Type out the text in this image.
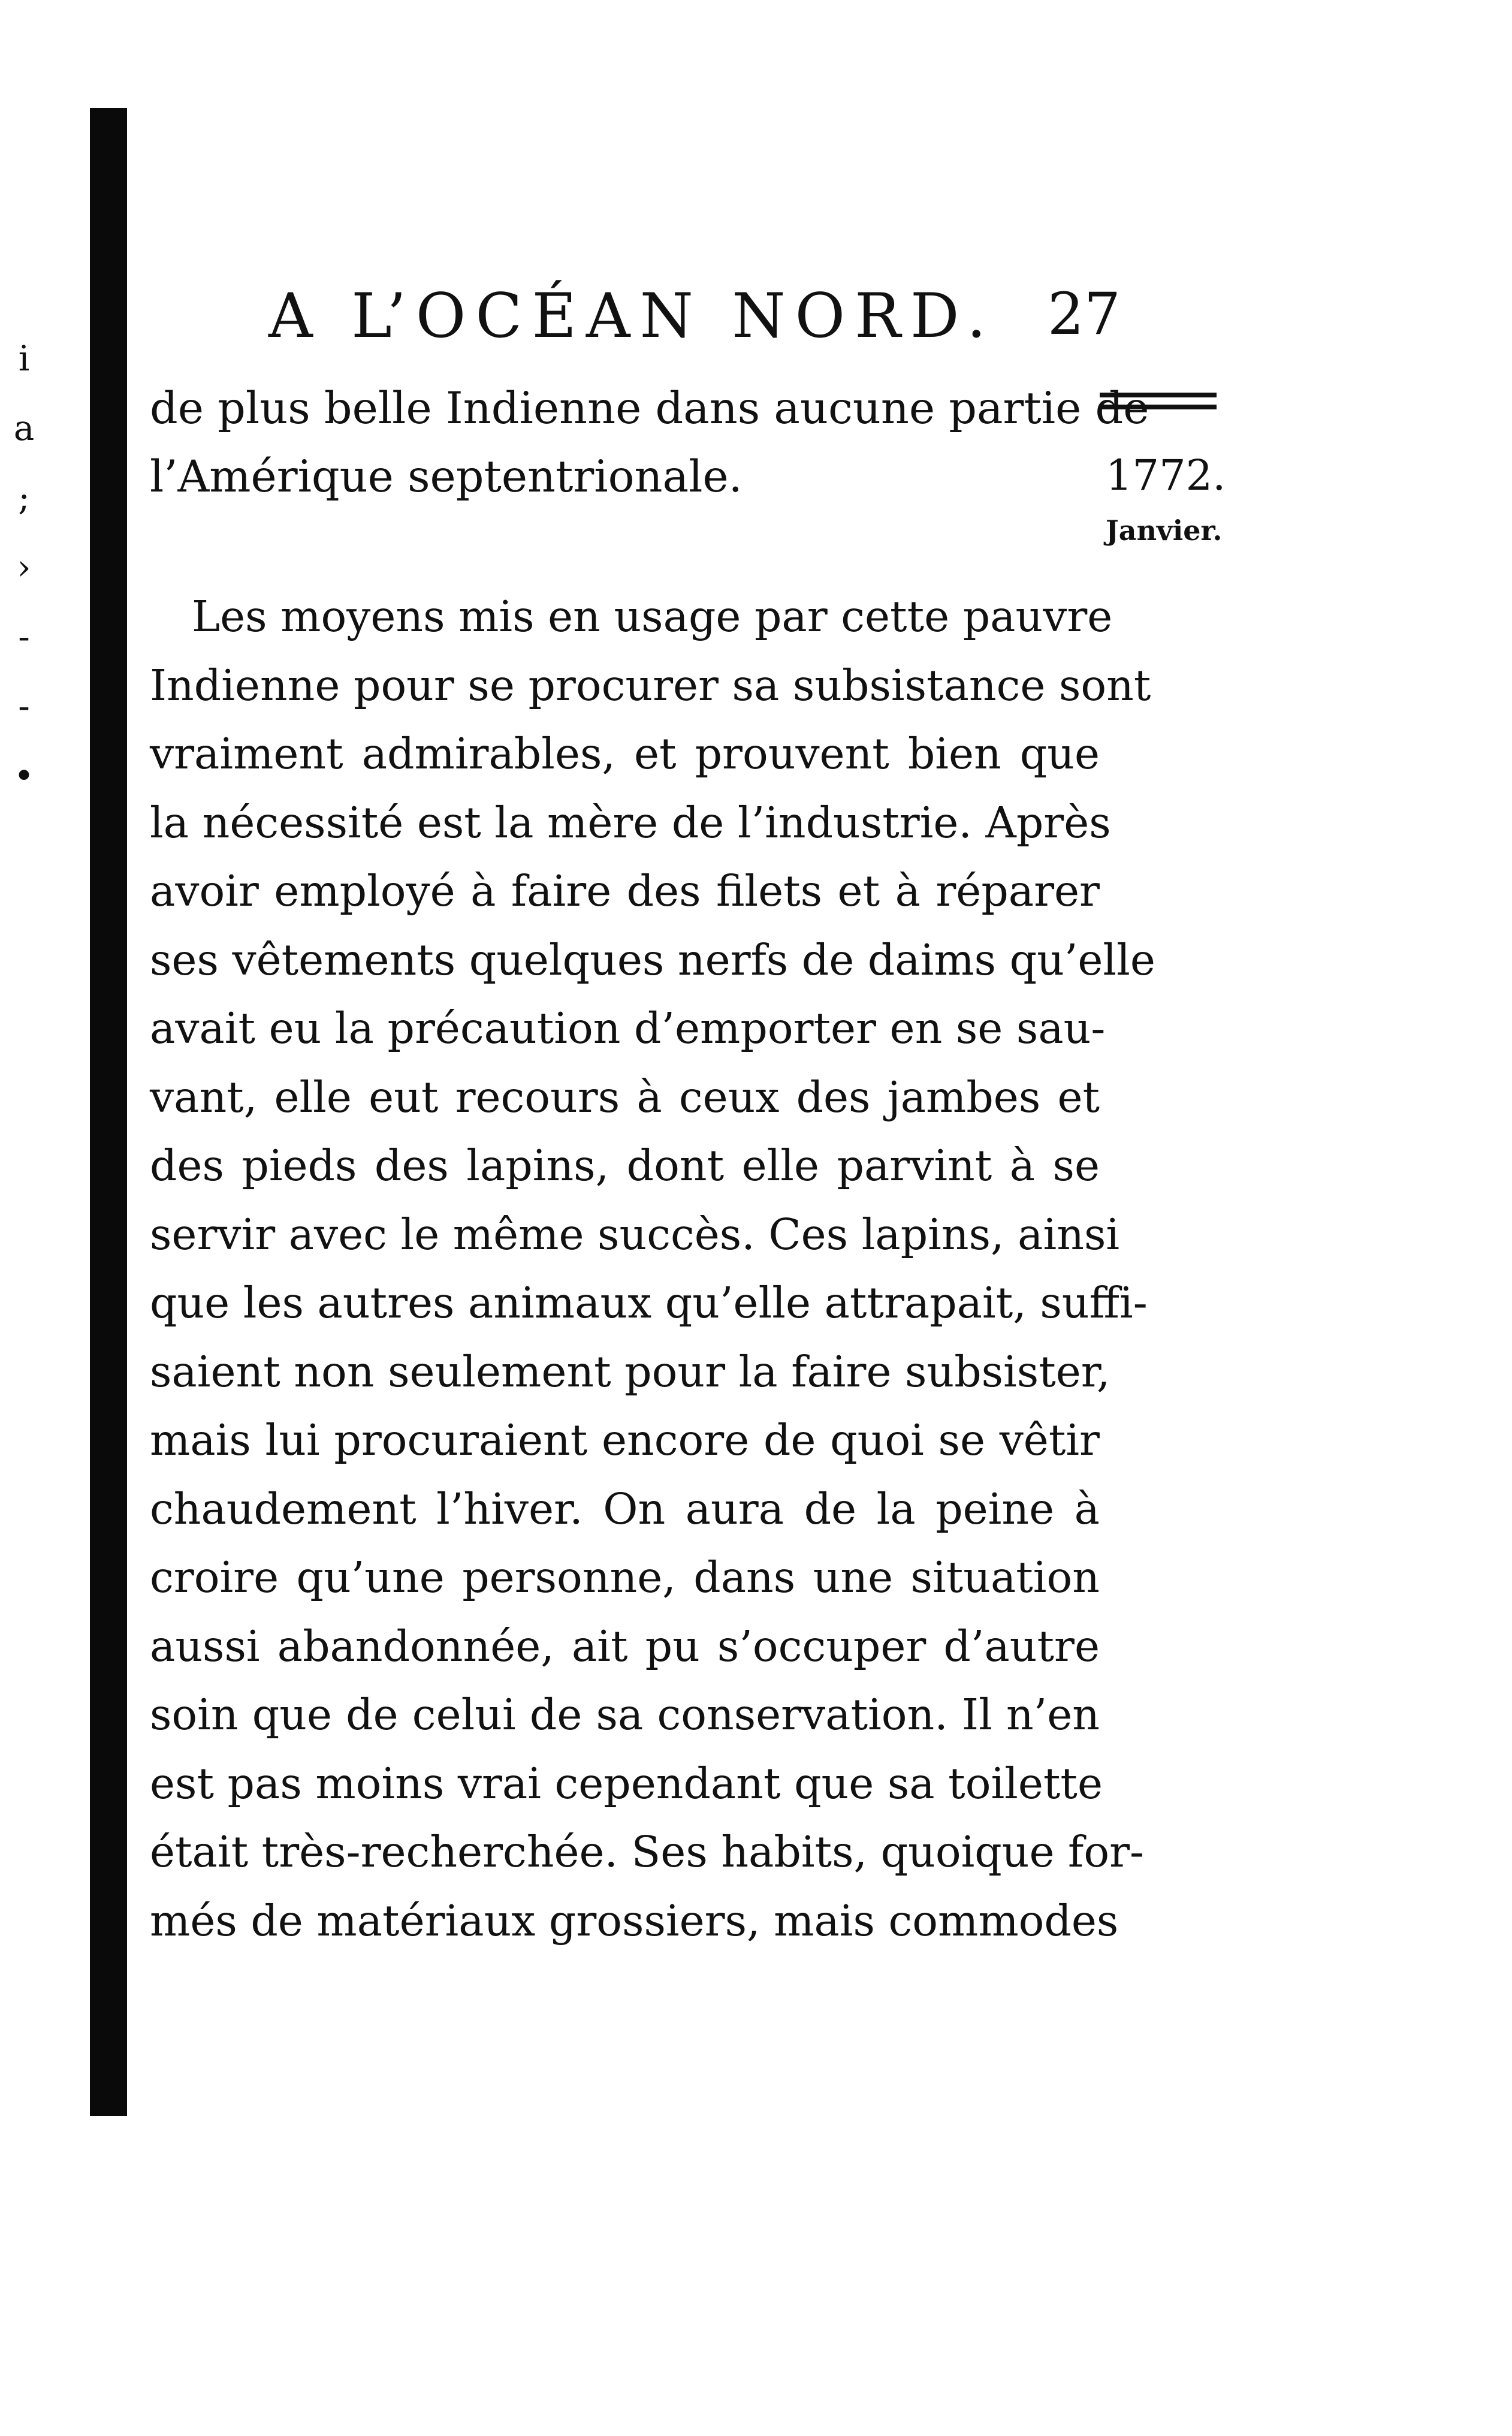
i
a
;
›
-
-
•
A L’OCÉAN NORD. 27

de plus belle Indienne dans aucune partie de

l’Amérique septentrionale.	1772.
Janvier.
Les moyens mis en usage par cette pauvre
Indienne pour se procurer sa subsistance sont
vraiment admirables, et prouvent bien que
la nécessité est la mère de l’industrie. Après
avoir employé à faire des filets et à réparer
ses vêtements quelques nerfs de daims qu’elle
avait eu la précaution d’emporter en se sau-
vant, elle eut recours à ceux des jambes et
des pieds des lapins, dont elle parvint à se
servir avec le même succès. Ces lapins, ainsi
que les autres animaux qu’elle attrapait, suffi-
saient non seulement pour la faire subsister,
mais lui procuraient encore de quoi se vêtir
chaudement l’hiver. On aura de la peine à
croire qu’une personne, dans une situation
aussi abandonnée, ait pu s’occuper d’autre
soin que de celui de sa conservation. Il n’en
est pas moins vrai cependant que sa toilette
était très-recherchée. Ses habits, quoique for-
més de matériaux grossiers, mais commodes
